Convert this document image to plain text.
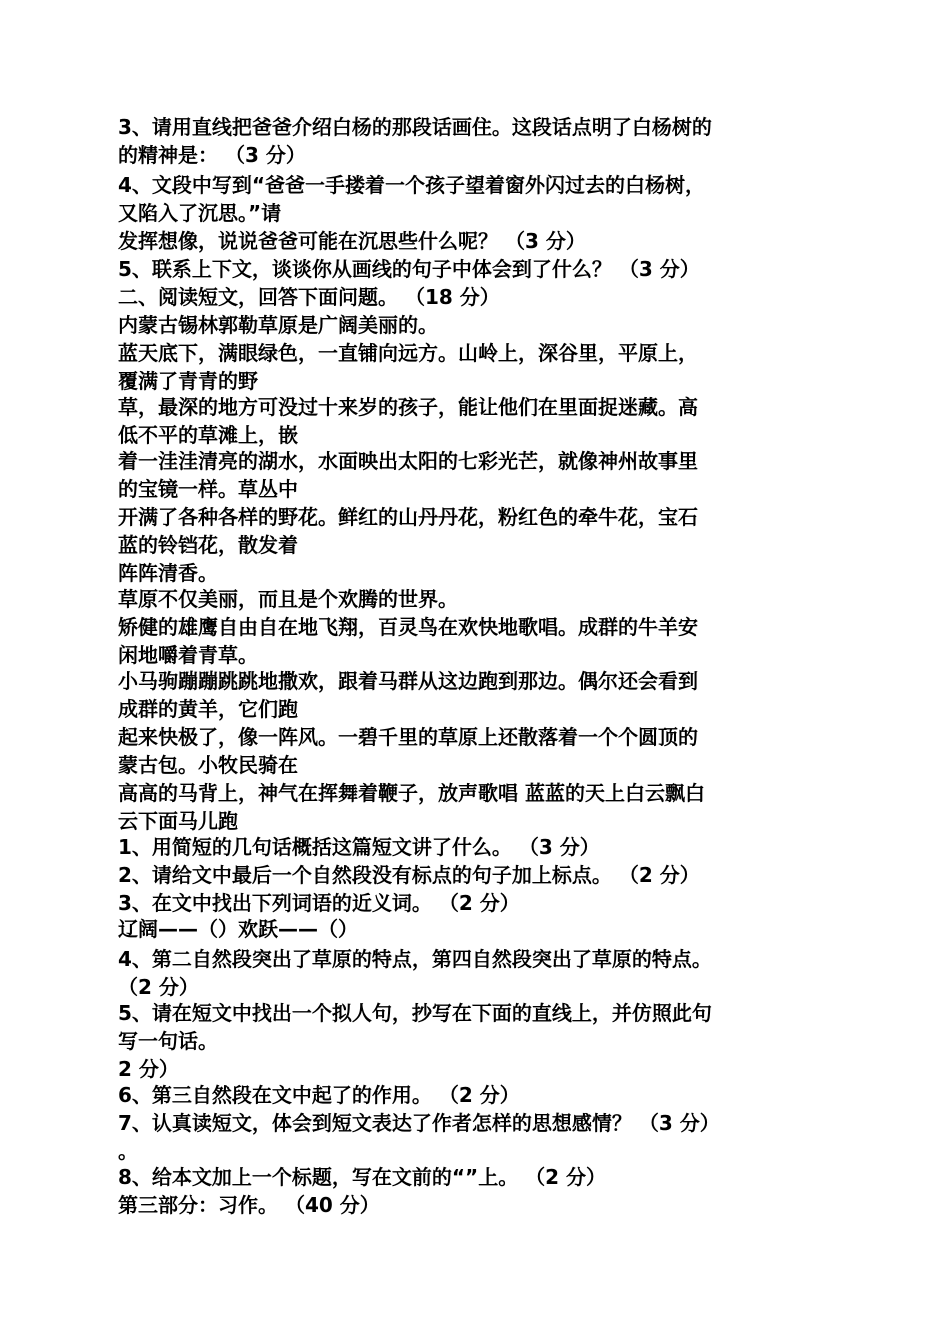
3、请用直线把爸爸介绍白杨的那段话画住。这段话点明了白杨树的

的精神是： （3 分）

4、文段中写到“爸爸一手搂着一个孩子望着窗外闪过去的白杨树，

又陷入了沉思。”请

发挥想像，说说爸爸可能在沉思些什么呢？ （3 分）

5、联系上下文，谈谈你从画线的句子中体会到了什么？ （3 分）

二、阅读短文，回答下面问题。 （18 分）

内蒙古锡林郭勒草原是广阔美丽的。

蓝天底下，满眼绿色，一直铺向远方。山岭上，深谷里，平原上，

覆满了青青的野

草，最深的地方可没过十来岁的孩子，能让他们在里面捉迷藏。高

低不平的草滩上，嵌

着一洼洼清亮的湖水，水面映出太阳的七彩光芒，就像神州故事里

的宝镜一样。草丛中

开满了各种各样的野花。鲜红的山丹丹花，粉红色的牵牛花，宝石

蓝的铃铛花，散发着

阵阵清香。

草原不仅美丽，而且是个欢腾的世界。

矫健的雄鹰自由自在地飞翔，百灵鸟在欢快地歌唱。成群的牛羊安

闲地嚼着青草。

小马驹蹦蹦跳跳地撒欢，跟着马群从这边跑到那边。偶尔还会看到

成群的黄羊，它们跑

起来快极了，像一阵风。一碧千里的草原上还散落着一个个圆顶的

蒙古包。小牧民骑在

高高的马背上，神气在挥舞着鞭子，放声歌唱 蓝蓝的天上白云飘白

云下面马儿跑

1、用简短的几句话概括这篇短文讲了什么。 （3 分）

2、请给文中最后一个自然段没有标点的句子加上标点。 （2 分）

3、在文中找出下列词语的近义词。 （2 分）

辽阔——（）欢跃——（）

4、第二自然段突出了草原的特点，第四自然段突出了草原的特点。

（2 分）

5、请在短文中找出一个拟人句，抄写在下面的直线上，并仿照此句

写一句话。

2 分）

6、第三自然段在文中起了的作用。 （2 分）

7、认真读短文，体会到短文表达了作者怎样的思想感情？ （3 分）

。

8、给本文加上一个标题，写在文前的“”上。 （2 分）

第三部分：习作。 （40 分）
